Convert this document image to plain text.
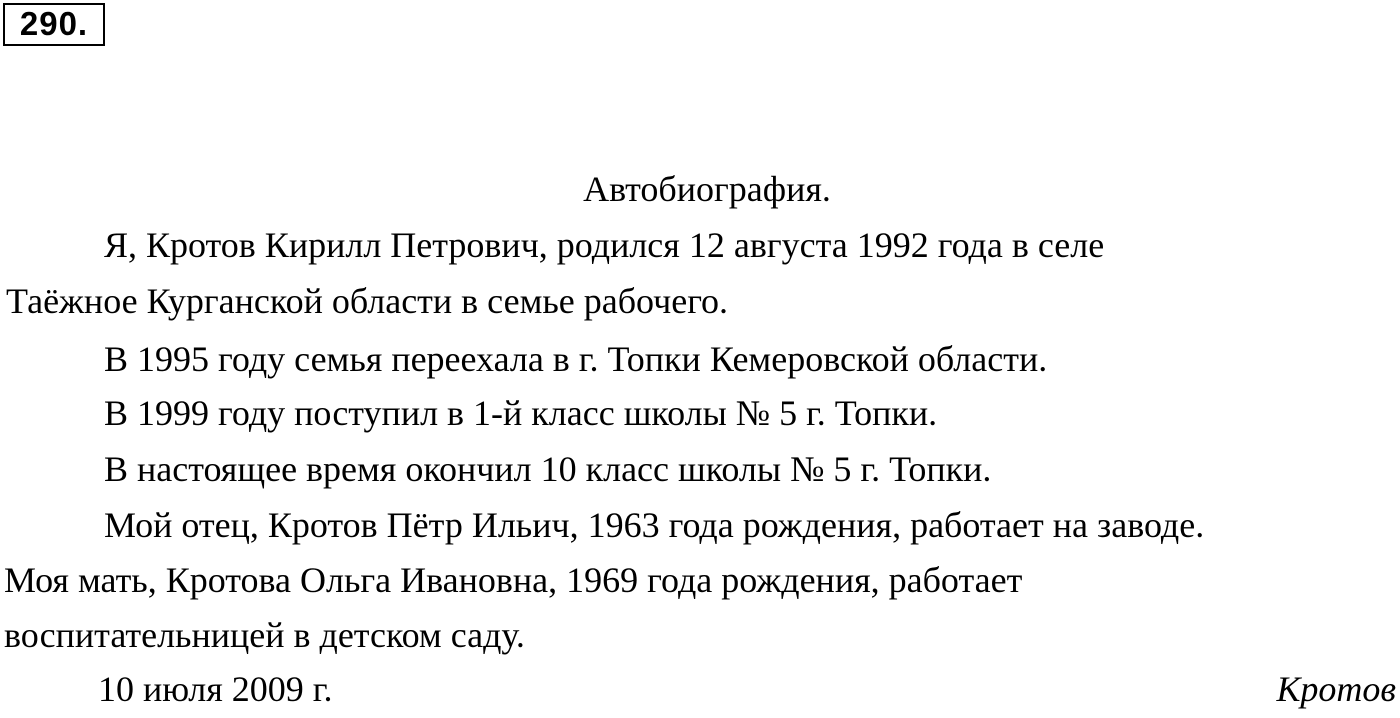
290.
Автобиография.
Я, Кротов Кирилл Петрович, родился 12 августа 1992 года в селе
Таёжное Курганской области в семье рабочего.
В 1995 году семья переехала в г. Топки Кемеровской области.
В 1999 году поступил в 1-й класс школы № 5 г. Топки.
В настоящее время окончил 10 класс школы № 5 г. Топки.
Мой отец, Кротов Пётр Ильич, 1963 года рождения, работает на заводе.
Моя мать, Кротова Ольга Ивановна, 1969 года рождения, работает
воспитательницей в детском саду.
10 июля 2009 г.	Кротов
